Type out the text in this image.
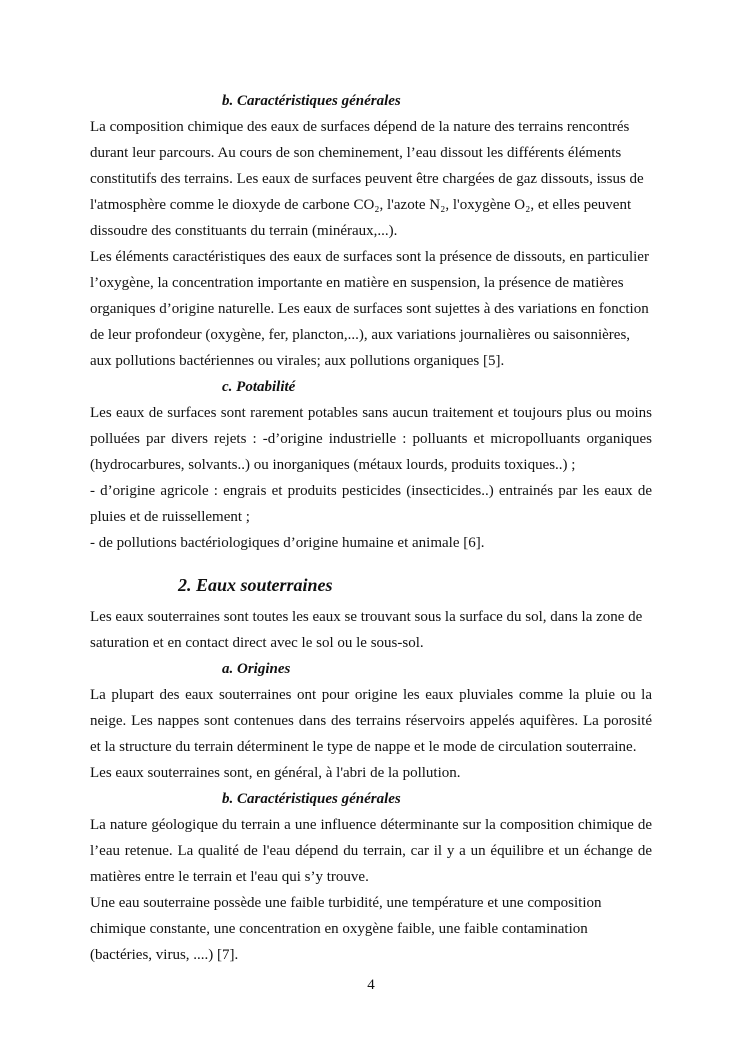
b. Caractéristiques générales

La composition chimique des eaux de surfaces dépend de la nature des terrains rencontrés durant leur parcours. Au cours de son cheminement, l’eau dissout les différents éléments constitutifs des terrains. Les eaux de surfaces peuvent être chargées de gaz dissouts, issus de l'atmosphère comme le dioxyde de carbone CO₂, l'azote N₂, l'oxygène O₂, et elles peuvent dissoudre des constituants du terrain (minéraux,...).

Les éléments caractéristiques des eaux de surfaces sont la présence de dissouts, en particulier l’oxygène, la concentration importante en matière en suspension, la présence de matières organiques d’origine naturelle. Les eaux de surfaces sont sujettes à des variations en fonction de leur profondeur (oxygène, fer, plancton,...), aux variations journalières ou saisonnières, aux pollutions bactériennes ou virales; aux pollutions organiques [5].

c. Potabilité

Les eaux de surfaces sont rarement potables sans aucun traitement et toujours plus ou moins polluées par divers rejets : -d’origine industrielle : polluants et micropolluants organiques (hydrocarbures, solvants..) ou inorganiques (métaux lourds, produits toxiques..) ;

- d’origine agricole : engrais et produits pesticides (insecticides..) entrainés par les eaux de pluies et de ruissellement ;

- de pollutions bactériologiques d’origine humaine et animale [6].

2. Eaux souterraines

Les eaux souterraines sont toutes les eaux se trouvant sous la surface du sol, dans la zone de saturation et en contact direct avec le sol ou le sous-sol.

a. Origines

La plupart des eaux souterraines ont pour origine les eaux pluviales comme la pluie ou la neige. Les nappes sont contenues dans des terrains réservoirs appelés aquifères. La porosité et la structure du terrain déterminent le type de nappe et le mode de circulation souterraine.

Les eaux souterraines sont, en général, à l'abri de la pollution.

b. Caractéristiques générales

La nature géologique du terrain a une influence déterminante sur la composition chimique de l’eau retenue. La qualité de l'eau dépend du terrain, car il y a un équilibre et un échange de matières entre le terrain et l'eau qui s’y trouve.

Une eau souterraine possède une faible turbidité, une température et une composition chimique constante, une concentration en oxygène faible, une faible contamination (bactéries, virus, ....) [7].

4
